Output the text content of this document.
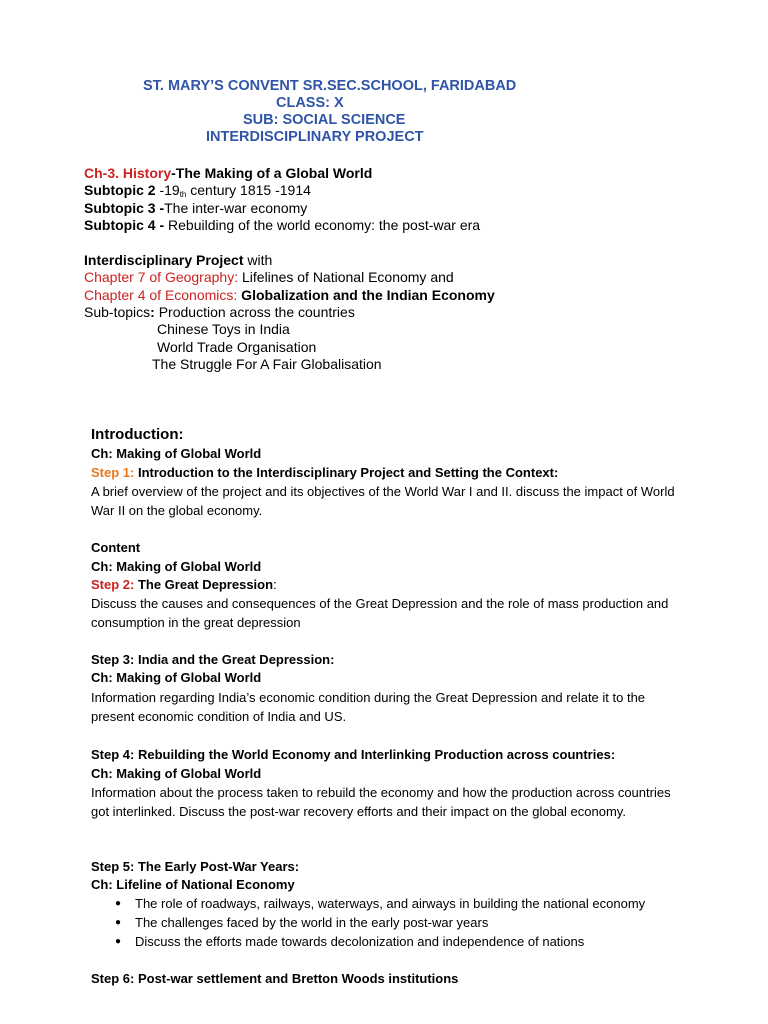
ST. MARY’S CONVENT SR.SEC.SCHOOL, FARIDABAD
CLASS: X
SUB: SOCIAL SCIENCE
INTERDISCIPLINARY PROJECT
Ch-3. History-The Making of a Global World
Subtopic 2 $-19_{th}$ century 1815 -1914
Subtopic 3 -The inter-war economy
Subtopic 4 - Rebuilding of the world economy: the post-war era
Interdisciplinary Project with
Chapter 7 of Geography: Lifelines of National Economy and
Chapter 4 of Economics: Globalization and the Indian Economy
Sub-topics: Production across the countries
Chinese Toys in India
World Trade Organisation
The Struggle For A Fair Globalisation
Introduction:
Ch: Making of Global World
Step 1: Introduction to the Interdisciplinary Project and Setting the Context:
A brief overview of the project and its objectives of the World War I and II. discuss the impact of World War II on the global economy.
Content
Ch: Making of Global World
Step 2: The Great Depression:
Discuss the causes and consequences of the Great Depression and the role of mass production and consumption in the great depression
Step 3: India and the Great Depression:
Ch: Making of Global World
Information regarding India’s economic condition during the Great Depression and relate it to the present economic condition of India and US.
Step 4: Rebuilding the World Economy and Interlinking Production across countries:
Ch: Making of Global World
Information about the process taken to rebuild the economy and how the production across countries got interlinked. Discuss the post-war recovery efforts and their impact on the global economy.
Step 5: The Early Post-War Years:
Ch: Lifeline of National Economy
● The role of roadways, railways, waterways, and airways in building the national economy
● The challenges faced by the world in the early post-war years
● Discuss the efforts made towards decolonization and independence of nations
Step 6: Post-war settlement and Bretton Woods institutions
